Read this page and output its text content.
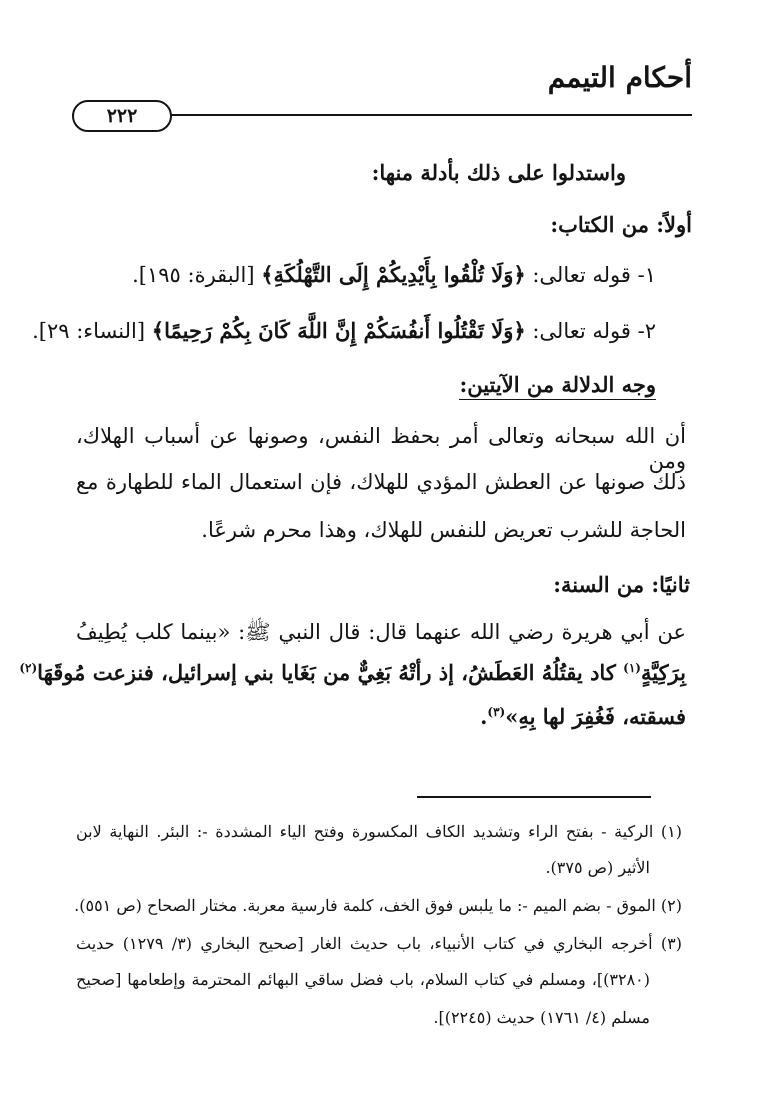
أحكام التيمم
٢٢٢
واستدلوا على ذلك بأدلة منها:
أولاً: من الكتاب:
١- قوله تعالى: ﴿وَلَا تُلْقُوا بِأَيْدِيكُمْ إِلَى التَّهْلُكَةِ﴾ [البقرة: ١٩٥].
٢- قوله تعالى: ﴿وَلَا تَقْتُلُوا أَنفُسَكُمْ إِنَّ اللَّهَ كَانَ بِكُمْ رَحِيمًا﴾ [النساء: ٢٩].
وجه الدلالة من الآيتين:
أن الله سبحانه وتعالى أمر بحفظ النفس، وصونها عن أسباب الهلاك، ومن
ذلك صونها عن العطش المؤدي للهلاك، فإن استعمال الماء للطهارة مع
الحاجة للشرب تعريض للنفس للهلاك، وهذا محرم شرعًا.
ثانيًا: من السنة:
عن أبي هريرة رضي الله عنهما قال: قال النبي ﷺ: «بينما كلب يُطِيفُ
بِرَكِيَّةٍ$^{(١)}$ كاد يقتُلُهُ العَطَشُ، إذ رأتْهُ بَغِيٌّ من بَغَايا بني إسرائيل، فنزعت مُوقَهَا$^{(٢)}$
فسقته، فَغُفِرَ لها بِهِ»$^{(٣)}$.
(١) الركية - بفتح الراء وتشديد الكاف المكسورة وفتح الياء المشددة -: البئر. النهاية لابن
الأثير (ص ٣٧٥).
(٢) الموق - بضم الميم -: ما يلبس فوق الخف، كلمة فارسية معربة. مختار الصحاح (ص ٥٥١).
(٣) أخرجه البخاري في كتاب الأنبياء، باب حديث الغار [صحيح البخاري (٣/ ١٢٧٩) حديث
(٣٢٨٠)]، ومسلم في كتاب السلام، باب فضل ساقي البهائم المحترمة وإطعامها [صحيح
مسلم (٤/ ١٧٦١) حديث (٢٢٤٥)].
